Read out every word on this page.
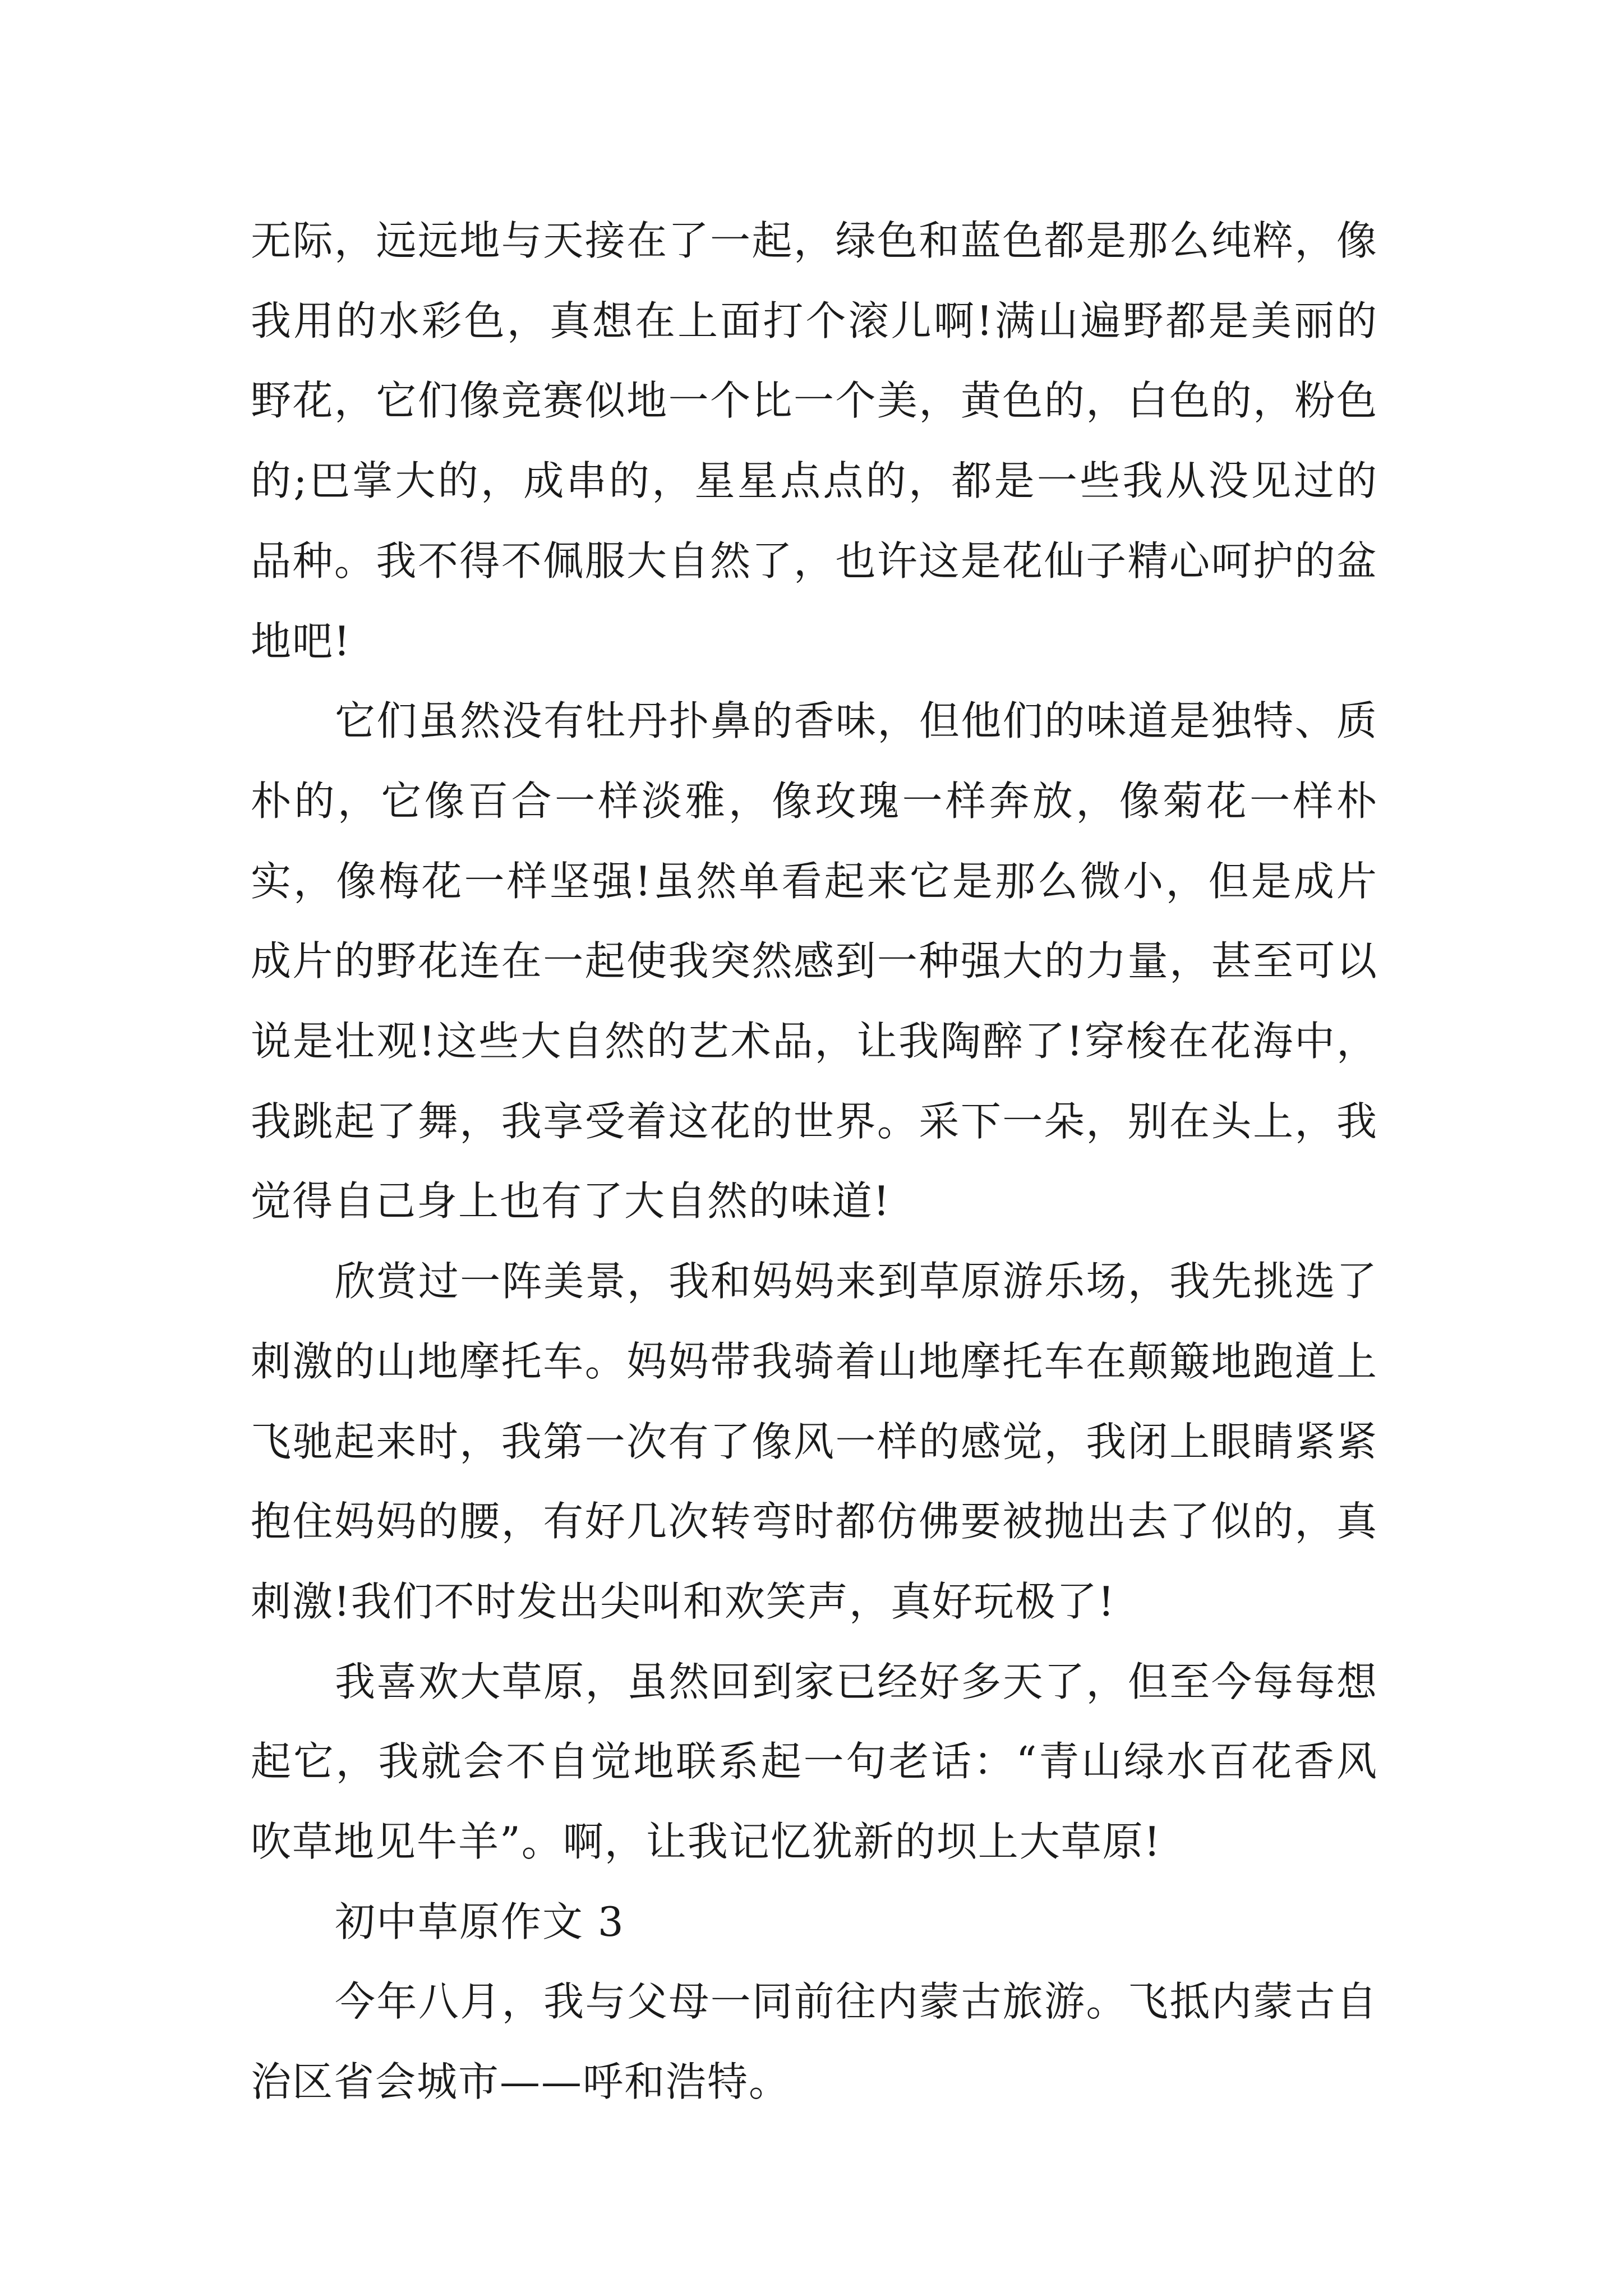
无际，远远地与天接在了一起，绿色和蓝色都是那么纯粹，像我用的水彩色，真想在上面打个滚儿啊!满山遍野都是美丽的野花，它们像竞赛似地一个比一个美，黄色的，白色的，粉色的;巴掌大的，成串的，星星点点的，都是一些我从没见过的品种。我不得不佩服大自然了，也许这是花仙子精心呵护的盆地吧!

它们虽然没有牡丹扑鼻的香味，但他们的味道是独特、质朴的，它像百合一样淡雅，像玫瑰一样奔放，像菊花一样朴实，像梅花一样坚强!虽然单看起来它是那么微小，但是成片成片的野花连在一起使我突然感到一种强大的力量，甚至可以说是壮观!这些大自然的艺术品，让我陶醉了!穿梭在花海中，我跳起了舞，我享受着这花的世界。采下一朵，别在头上，我觉得自己身上也有了大自然的味道!

欣赏过一阵美景，我和妈妈来到草原游乐场，我先挑选了刺激的山地摩托车。妈妈带我骑着山地摩托车在颠簸地跑道上飞驰起来时，我第一次有了像风一样的感觉，我闭上眼睛紧紧抱住妈妈的腰，有好几次转弯时都仿佛要被抛出去了似的，真刺激!我们不时发出尖叫和欢笑声，真好玩极了!

我喜欢大草原，虽然回到家已经好多天了，但至今每每想起它，我就会不自觉地联系起一句老话：“青山绿水百花香风吹草地见牛羊”。啊，让我记忆犹新的坝上大草原!

初中草原作文 3

今年八月，我与父母一同前往内蒙古旅游。飞抵内蒙古自治区省会城市——呼和浩特。
